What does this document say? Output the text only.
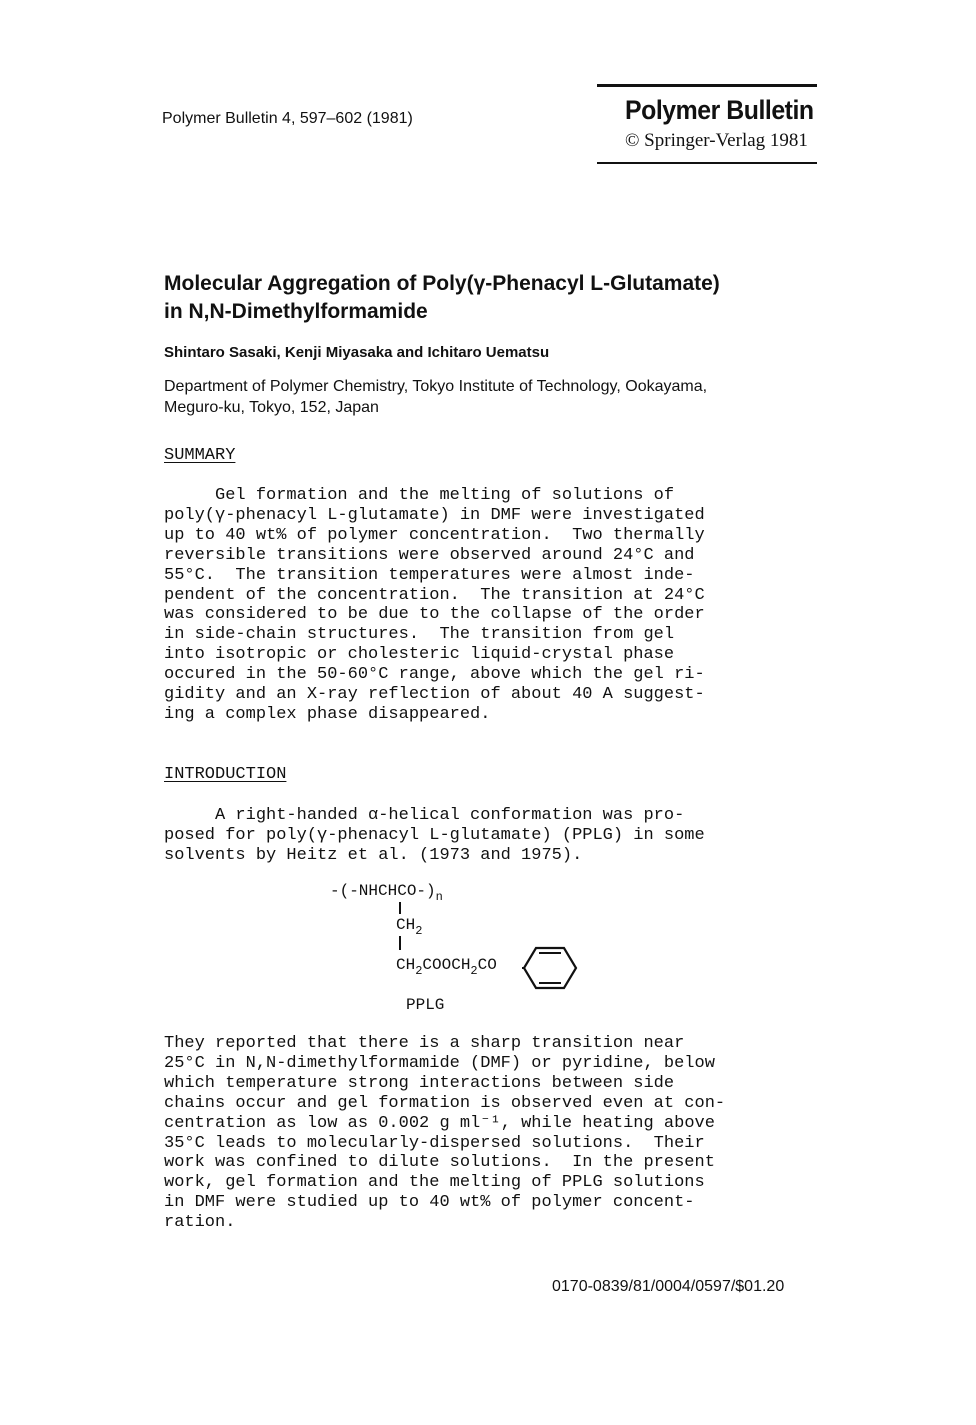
Polymer Bulletin 4, 597–602 (1981)	Polymer Bulletin
© Springer-Verlag 1981
Molecular Aggregation of Poly(γ-Phenacyl L-Glutamate)
in N,N-Dimethylformamide
Shintaro Sasaki, Kenji Miyasaka and Ichitaro Uematsu
Department of Polymer Chemistry, Tokyo Institute of Technology, Ookayama,
Meguro-ku, Tokyo, 152, Japan
SUMMARY
Gel formation and the melting of solutions of
poly(γ-phenacyl L-glutamate) in DMF were investigated
up to 40 wt% of polymer concentration.  Two thermally
reversible transitions were observed around 24°C and
55°C.  The transition temperatures were almost inde-
pendent of the concentration.  The transition at 24°C
was considered to be due to the collapse of the order
in side-chain structures.  The transition from gel
into isotropic or cholesteric liquid-crystal phase
occured in the 50-60°C range, above which the gel ri-
gidity and an X-ray reflection of about 40 A suggest-
ing a complex phase disappeared.
INTRODUCTION
A right-handed α-helical conformation was pro-
posed for poly(γ-phenacyl L-glutamate) (PPLG) in some
solvents by Heitz et al. (1973 and 1975).
$-(-NHCHCO-)_n$
$CH_2$
$CH_2COOCH_2CO$
PPLG
They reported that there is a sharp transition near
25°C in N,N-dimethylformamide (DMF) or pyridine, below
which temperature strong interactions between side
chains occur and gel formation is observed even at con-
centration as low as 0.002 g ml⁻¹, while heating above
35°C leads to molecularly-dispersed solutions.  Their
work was confined to dilute solutions.  In the present
work, gel formation and the melting of PPLG solutions
in DMF were studied up to 40 wt% of polymer concent-
ration.
0170-0839/81/0004/0597/$01.20
